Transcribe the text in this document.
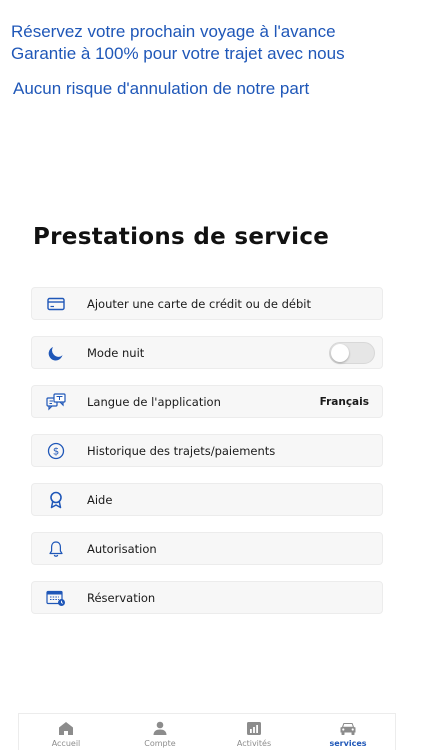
Réservez votre prochain voyage à l'avance
Garantie à 100% pour votre trajet avec nous
Aucun risque d'annulation de notre part
Prestations de service
Ajouter une carte de crédit ou de débit
Mode nuit
Langue de l'application	Français
$ Historique des trajets/paiements
Aide
Autorisation
Réservation
Accueil	Compte	Activités	services
